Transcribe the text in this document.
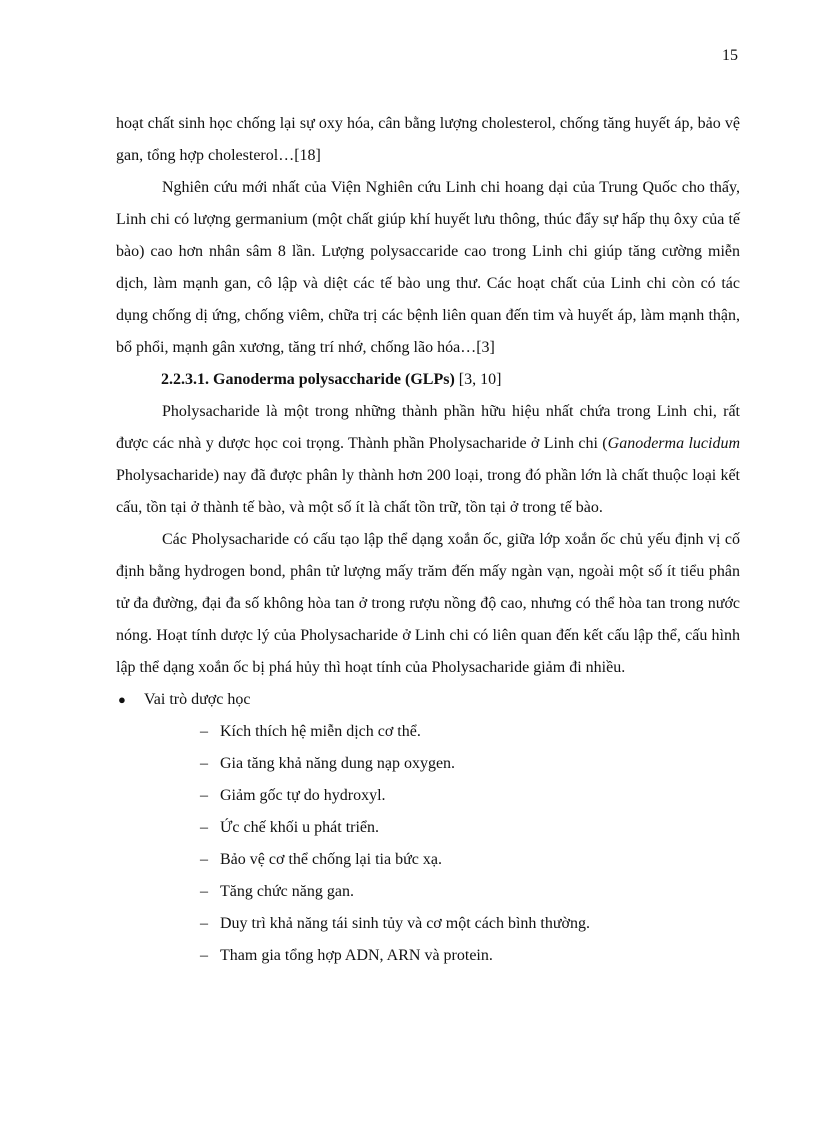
15

hoạt chất sinh học chống lại sự oxy hóa, cân bằng lượng cholesterol, chống tăng huyết áp, bảo vệ gan, tổng hợp cholesterol…[18]

Nghiên cứu mới nhất của Viện Nghiên cứu Linh chi hoang dại của Trung Quốc cho thấy, Linh chi có lượng germanium (một chất giúp khí huyết lưu thông, thúc đẩy sự hấp thụ ôxy của tế bào) cao hơn nhân sâm 8 lần. Lượng polysaccaride cao trong Linh chi giúp tăng cường miễn dịch, làm mạnh gan, cô lập và diệt các tế bào ung thư. Các hoạt chất của Linh chi còn có tác dụng chống dị ứng, chống viêm, chữa trị các bệnh liên quan đến tim và huyết áp, làm mạnh thận, bổ phổi, mạnh gân xương, tăng trí nhớ, chống lão hóa…[3]

2.2.3.1. Ganoderma polysaccharide (GLPs) [3, 10]

Pholysacharide là một trong những thành phần hữu hiệu nhất chứa trong Linh chi, rất được các nhà y dược học coi trọng. Thành phần Pholysacharide ở Linh chi (Ganoderma lucidum Pholysacharide) nay đã được phân ly thành hơn 200 loại, trong đó phần lớn là chất thuộc loại kết cấu, tồn tại ở thành tế bào, và một số ít là chất tồn trữ, tồn tại ở trong tế bào.

Các Pholysacharide có cấu tạo lập thể dạng xoắn ốc, giữa lớp xoắn ốc chủ yếu định vị cố định bằng hydrogen bond, phân tử lượng mấy trăm đến mấy ngàn vạn, ngoài một số ít tiểu phân tử đa đường, đại đa số không hòa tan ở trong rượu nồng độ cao, nhưng có thể hòa tan trong nước nóng. Hoạt tính dược lý của Pholysacharide ở Linh chi có liên quan đến kết cấu lập thể, cấu hình lập thể dạng xoắn ốc bị phá hủy thì hoạt tính của Pholysacharide giảm đi nhiều.

●	Vai trò dược học
– Kích thích hệ miễn dịch cơ thể.
– Gia tăng khả năng dung nạp oxygen.
– Giảm gốc tự do hydroxyl.
– Ức chế khối u phát triển.
– Bảo vệ cơ thể chống lại tia bức xạ.
– Tăng chức năng gan.
– Duy trì khả năng tái sinh tủy và cơ một cách bình thường.
– Tham gia tổng hợp ADN, ARN và protein.
